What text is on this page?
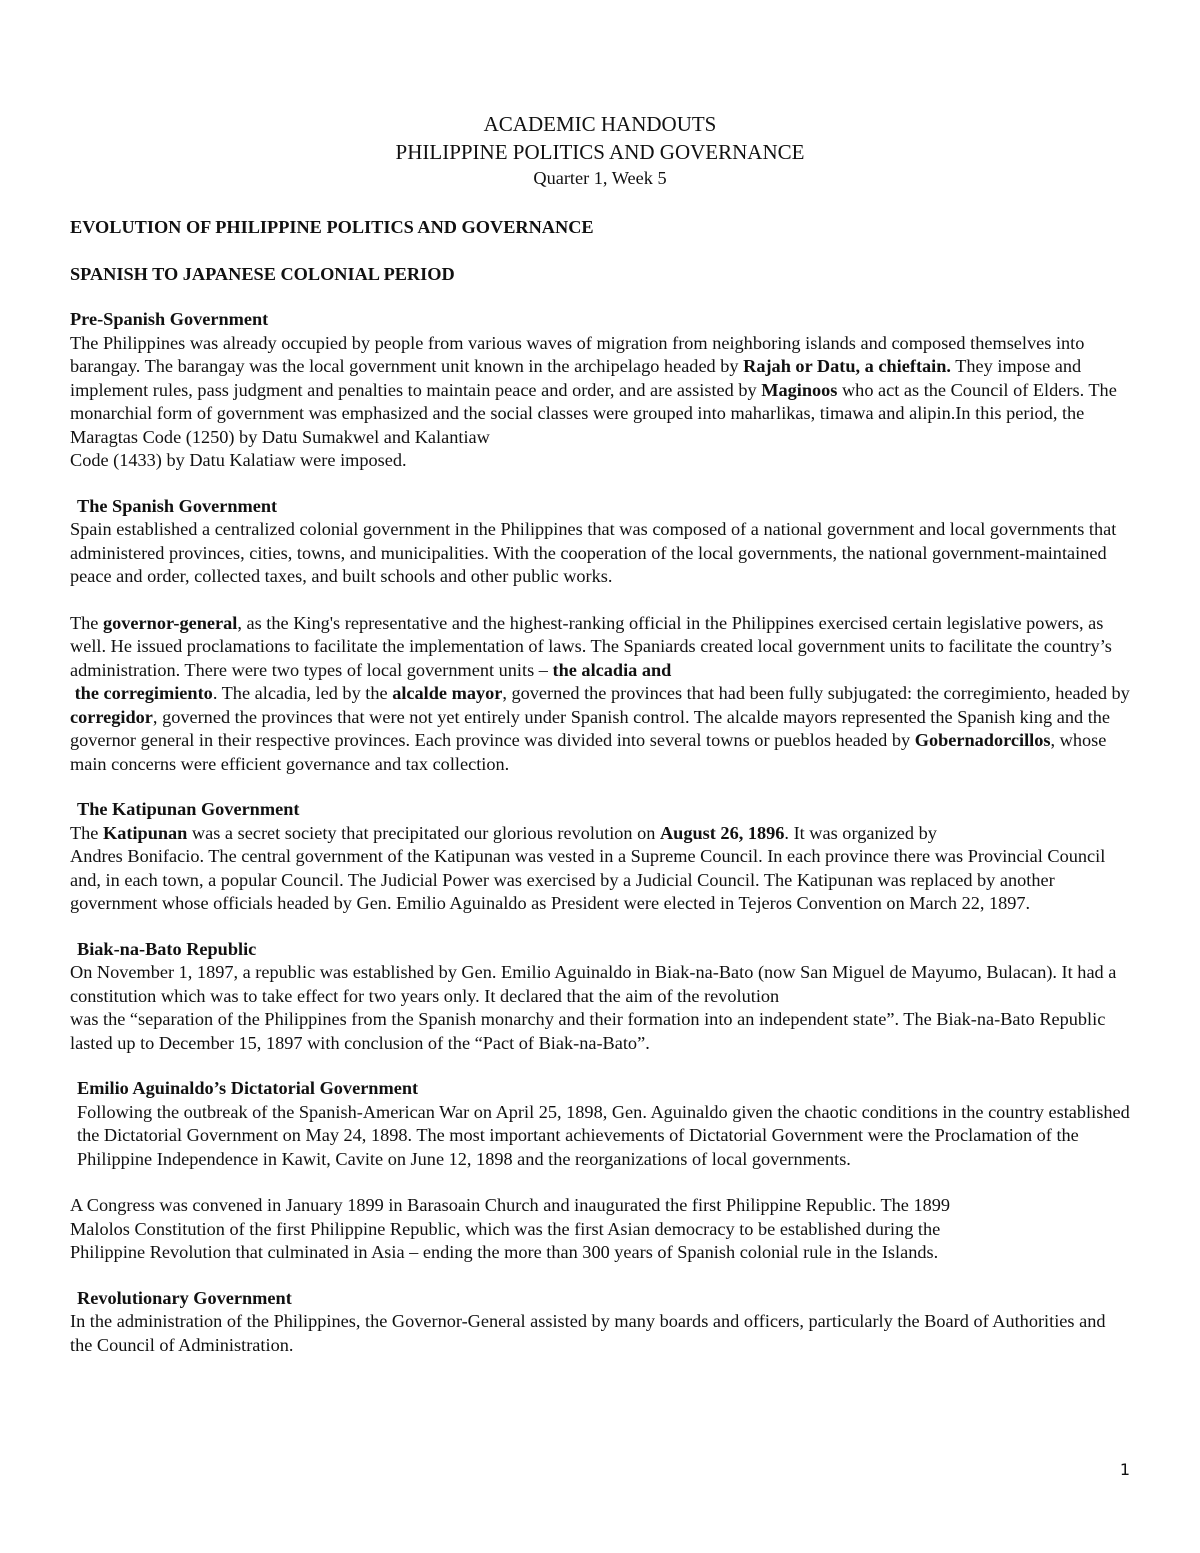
ACADEMIC HANDOUTS
PHILIPPINE POLITICS AND GOVERNANCE
Quarter 1, Week 5
EVOLUTION OF PHILIPPINE POLITICS AND GOVERNANCE
SPANISH TO JAPANESE COLONIAL PERIOD
Pre-Spanish Government

The Philippines was already occupied by people from various waves of migration from neighboring islands and composed themselves into barangay. The barangay was the local government unit known in the archipelago headed by Rajah or Datu, a chieftain. They impose and implement rules, pass judgment and penalties to maintain peace and order, and are assisted by Maginoos who act as the Council of Elders. The monarchial form of government was emphasized and the social classes were grouped into maharlikas, timawa and alipin.In this period, the Maragtas Code (1250) by Datu Sumakwel and Kalantiaw
Code (1433) by Datu Kalatiaw were imposed.

The Spanish Government

Spain established a centralized colonial government in the Philippines that was composed of a national government and local governments that administered provinces, cities, towns, and municipalities. With the cooperation of the local governments, the national government-maintained peace and order, collected taxes, and built schools and other public works.

The governor-general, as the King's representative and the highest-ranking official in the Philippines exercised certain legislative powers, as well. He issued proclamations to facilitate the implementation of laws. The Spaniards created local government units to facilitate the country’s administration. There were two types of local government units – the alcadia and
the corregimiento. The alcadia, led by the alcalde mayor, governed the provinces that had been fully subjugated: the corregimiento, headed by corregidor, governed the provinces that were not yet entirely under Spanish control. The alcalde mayors represented the Spanish king and the governor general in their respective provinces. Each province was divided into several towns or pueblos headed by Gobernadorcillos, whose main concerns were efficient governance and tax collection.

The Katipunan Government

The Katipunan was a secret society that precipitated our glorious revolution on August 26, 1896. It was organized by
Andres Bonifacio. The central government of the Katipunan was vested in a Supreme Council. In each province there was Provincial Council and, in each town, a popular Council. The Judicial Power was exercised by a Judicial Council. The Katipunan was replaced by another government whose officials headed by Gen. Emilio Aguinaldo as President were elected in Tejeros Convention on March 22, 1897.

Biak-na-Bato Republic

On November 1, 1897, a republic was established by Gen. Emilio Aguinaldo in Biak-na-Bato (now San Miguel de Mayumo, Bulacan). It had a constitution which was to take effect for two years only. It declared that the aim of the revolution
was the “separation of the Philippines from the Spanish monarchy and their formation into an independent state”. The Biak-na-Bato Republic lasted up to December 15, 1897 with conclusion of the “Pact of Biak-na-Bato”.

Emilio Aguinaldo’s Dictatorial Government

Following the outbreak of the Spanish-American War on April 25, 1898, Gen. Aguinaldo given the chaotic conditions in the country established the Dictatorial Government on May 24, 1898. The most important achievements of Dictatorial Government were the Proclamation of the Philippine Independence in Kawit, Cavite on June 12, 1898 and the reorganizations of local governments.

A Congress was convened in January 1899 in Barasoain Church and inaugurated the first Philippine Republic. The 1899
Malolos Constitution of the first Philippine Republic, which was the first Asian democracy to be established during the
Philippine Revolution that culminated in Asia – ending the more than 300 years of Spanish colonial rule in the Islands.

Revolutionary Government

In the administration of the Philippines, the Governor-General assisted by many boards and officers, particularly the Board of Authorities and the Council of Administration.

1
